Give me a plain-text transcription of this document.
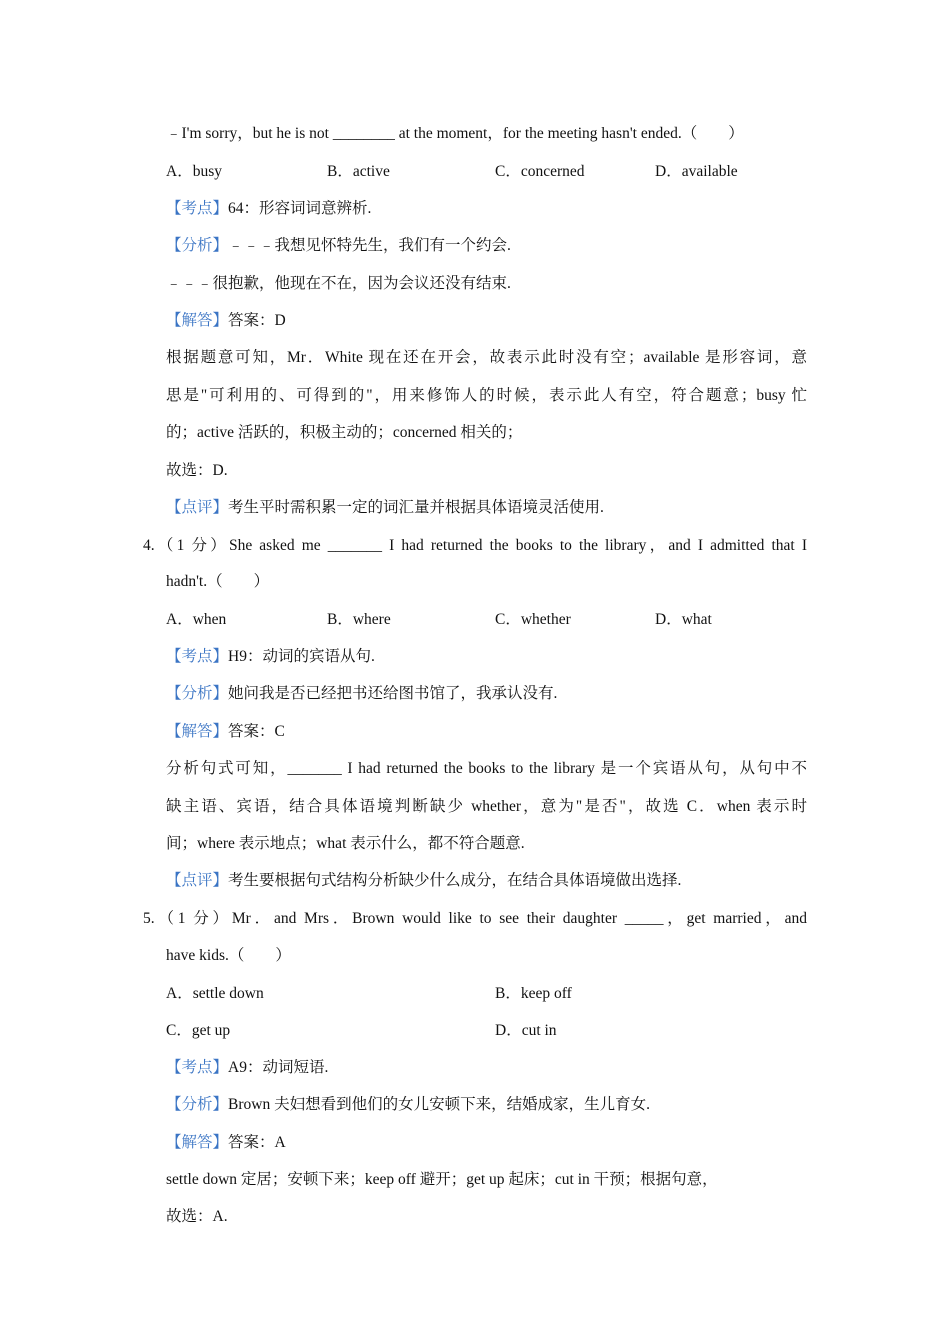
﹣I'm sorry，but he is not ________ at the moment，for the meeting hasn't ended.（　　）
A．busy	B．active	C．concerned	D．available
【考点】64：形容词词意辨析.
【分析】﹣﹣﹣我想见怀特先生，我们有一个约会.
﹣﹣﹣很抱歉，他现在不在，因为会议还没有结束.
【解答】答案：D
根据题意可知，Mr．White 现在还在开会，故表示此时没有空；available 是形容词，意
思是"可利用的、可得到的"，用来修饰人的时候，表示此人有空，符合题意；busy 忙
的；active 活跃的，积极主动的；concerned 相关的；
故选：D.
【点评】考生平时需积累一定的词汇量并根据具体语境灵活使用.
4.（1 分）She asked me _______ I had returned the books to the library，and I admitted that I
hadn't.（　　）
A．when	B．where	C．whether	D．what
【考点】H9：动词的宾语从句.
【分析】她问我是否已经把书还给图书馆了，我承认没有.
【解答】答案：C
分析句式可知，_______ I had returned the books to the library 是一个宾语从句，从句中不
缺主语、宾语，结合具体语境判断缺少 whether，意为"是否"，故选 C．when 表示时
间；where 表示地点；what 表示什么，都不符合题意.
【点评】考生要根据句式结构分析缺少什么成分，在结合具体语境做出选择.
5.（1 分）Mr．and Mrs．Brown would like to see their daughter _____，get married，and
have kids.（　　）
A．settle down	B．keep off
C．get up	D．cut in
【考点】A9：动词短语.
【分析】Brown 夫妇想看到他们的女儿安顿下来，结婚成家，生儿育女.
【解答】答案：A
settle down 定居；安顿下来；keep off 避开；get up 起床；cut in 干预；根据句意，
故选：A.
